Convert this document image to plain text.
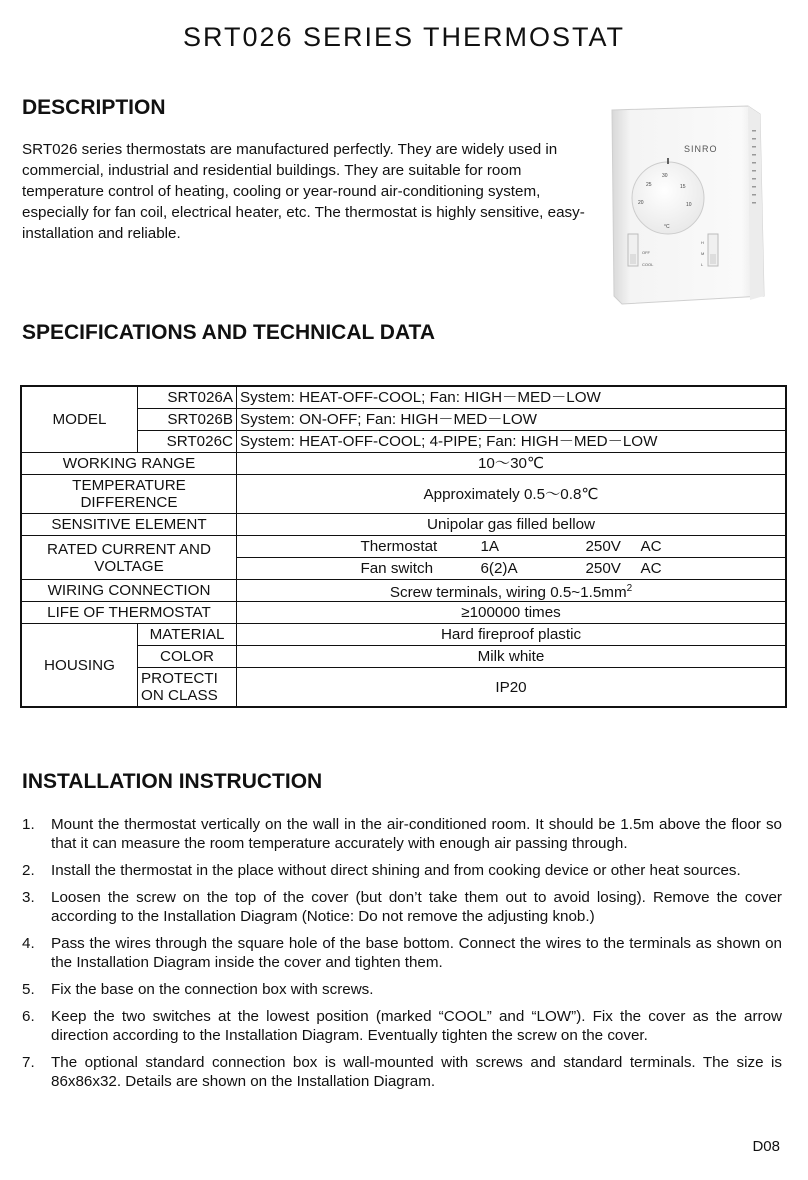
SRT026 SERIES THERMOSTAT
DESCRIPTION
SRT026 series thermostats are manufactured perfectly. They are widely used in commercial, industrial and residential buildings. They are suitable for room temperature control of heating, cooling or year-round air-conditioning system, especially for fan coil, electrical heater, etc. The thermostat is highly sensitive, easy-installation and reliable.
SINRO
20
25
30
15
10
°C
OFF
COOL
H
M
L
SPECIFICATIONS AND TECHNICAL DATA
MODEL	SRT026A	System: HEAT-OFF-COOL; Fan: HIGH－MED－LOW
	SRT026B	System: ON-OFF; Fan: HIGH－MED－LOW
	SRT026C	System: HEAT-OFF-COOL; 4-PIPE; Fan: HIGH－MED－LOW
WORKING RANGE		10～30℃
TEMPERATURE DIFFERENCE		Approximately 0.5～0.8℃
SENSITIVE ELEMENT		Unipolar gas filled bellow
RATED CURRENT AND VOLTAGE		Thermostat 1A 250V AC
		Fan switch 6(2)A 250V AC
WIRING CONNECTION		Screw terminals, wiring $0.5\sim 1.5mm^2$
LIFE OF THERMOSTAT		≥100000 times
HOUSING	MATERIAL	Hard fireproof plastic
	COLOR	Milk white
	PROTECTI ON CLASS	IP20
INSTALLATION INSTRUCTION
1. Mount the thermostat vertically on the wall in the air-conditioned room. It should be 1.5m above the floor so that it can measure the room temperature accurately with enough air passing through.
2. Install the thermostat in the place without direct shining and from cooking device or other heat sources.
3. Loosen the screw on the top of the cover (but don’t take them out to avoid losing). Remove the cover according to the Installation Diagram (Notice: Do not remove the adjusting knob.)
4. Pass the wires through the square hole of the base bottom. Connect the wires to the terminals as shown on the Installation Diagram inside the cover and tighten them.
5. Fix the base on the connection box with screws.
6. Keep the two switches at the lowest position (marked “COOL” and “LOW”). Fix the cover as the arrow direction according to the Installation Diagram. Eventually tighten the screw on the cover.
7. The optional standard connection box is wall-mounted with screws and standard terminals. The size is 86x86x32. Details are shown on the Installation Diagram.
D08
